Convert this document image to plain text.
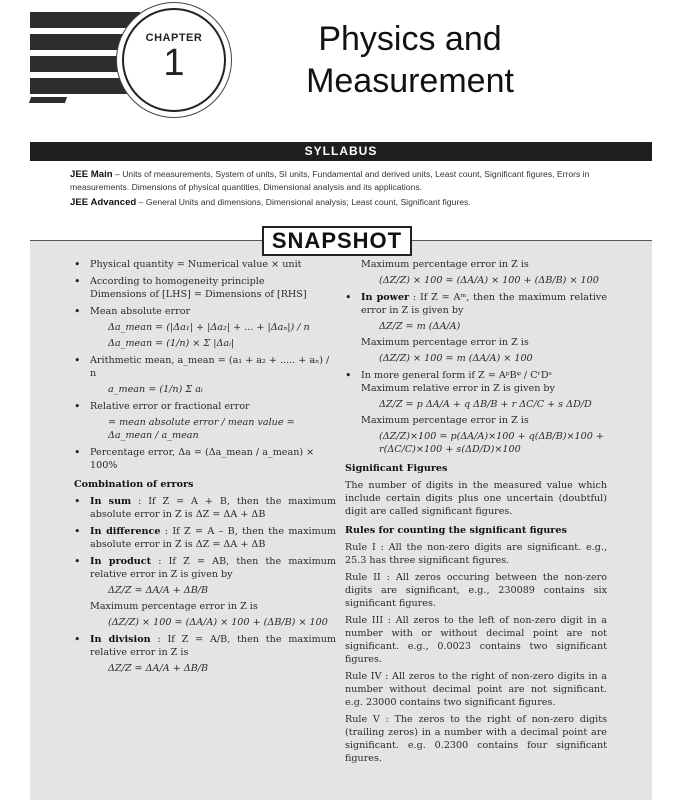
CHAPTER
1
Physics and
Measurement
SYLLABUS
JEE Main – Units of measurements, System of units, SI units, Fundamental and derived units, Least count, Significant figures, Errors in measurements. Dimensions of physical quantities, Dimensional analysis and its applications.
JEE Advanced – General Units and dimensions, Dimensional analysis; Least count, Significant figures.
SNAPSHOT
• Physical quantity = Numerical value × unit
• According to homogeneity principle
Dimensions of [LHS] = Dimensions of [RHS]
• Mean absolute error
Δa_mean = (|Δa₁| + |Δa₂| + ... + |Δaₙ|) / n
Δa_mean = (1/n) × Σ |Δaᵢ|
• Arithmetic mean, a_mean = (a₁ + a₂ + ..... + aₙ) / n
a_mean = (1/n) Σ aᵢ
• Relative error or fractional error
= mean absolute error / mean value = Δa_mean / a_mean
• Percentage error, Δa = (Δa_mean / a_mean) × 100%
Combination of errors
• In sum : If Z = A + B, then the maximum absolute error in Z is ΔZ = ΔA + ΔB
• In difference : If Z = A – B, then the maximum absolute error in Z is ΔZ = ΔA + ΔB
• In product : If Z = AB, then the maximum relative error in Z is given by
ΔZ/Z = ΔA/A + ΔB/B
Maximum percentage error in Z is
(ΔZ/Z) × 100 = (ΔA/A) × 100 + (ΔB/B) × 100
• In division : If Z = A/B, then the maximum relative error in Z is
ΔZ/Z = ΔA/A + ΔB/B
Maximum percentage error in Z is
(ΔZ/Z) × 100 = (ΔA/A) × 100 + (ΔB/B) × 100
• In power : If Z = Aᵐ, then the maximum relative error in Z is given by
ΔZ/Z = m (ΔA/A)
Maximum percentage error in Z is
(ΔZ/Z) × 100 = m (ΔA/A) × 100
• In more general form if Z = AᵖBᵠ / CʳDˢ
Maximum relative error in Z is given by
ΔZ/Z = p ΔA/A + q ΔB/B + r ΔC/C + s ΔD/D
Maximum percentage error in Z is
(ΔZ/Z)×100 = p(ΔA/A)×100 + q(ΔB/B)×100 + r(ΔC/C)×100 + s(ΔD/D)×100
Significant Figures
The number of digits in the measured value which include certain digits plus one uncertain (doubtful) digit are called significant figures.
Rules for counting the significant figures
Rule I : All the non-zero digits are significant. e.g., 25.3 has three significant figures.
Rule II : All zeros occuring between the non-zero digits are significant, e.g., 230089 contains six significant figures.
Rule III : All zeros to the left of non-zero digit in a number with or without decimal point are not significant. e.g., 0.0023 contains two significant figures.
Rule IV : All zeros to the right of non-zero digits in a number without decimal point are not significant. e.g. 23000 contains two significant figures.
Rule V : The zeros to the right of non-zero digits (trailing zeros) in a number with a decimal point are significant. e.g. 0.2300 contains four significant figures.
